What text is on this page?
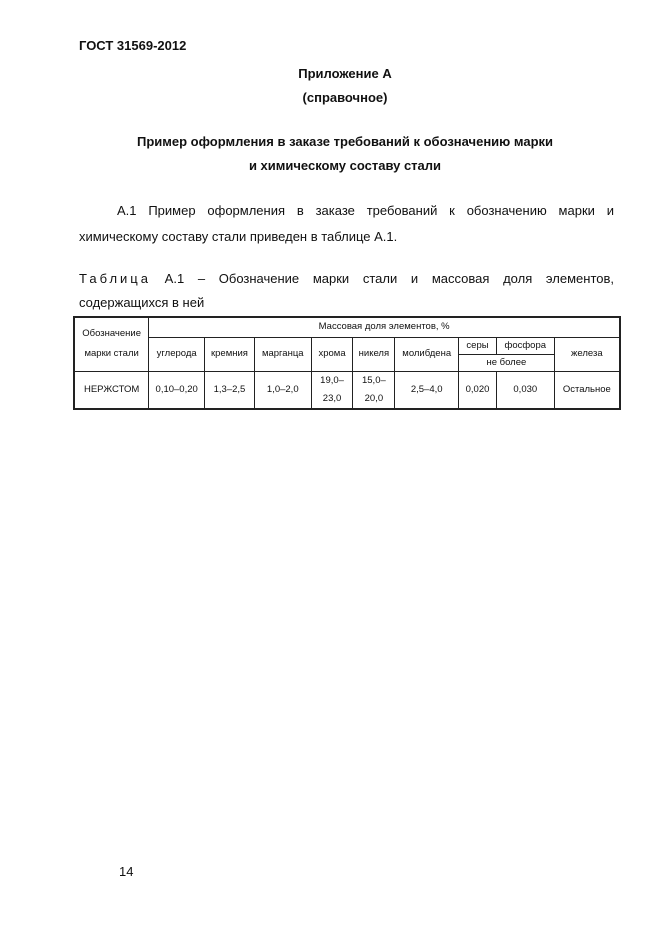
ГОСТ 31569-2012
Приложение А
(справочное)
Пример оформления в заказе требований к обозначению марки
и химическому составу стали
А.1 Пример оформления в заказе требований к обозначению марки и
химическому составу стали приведен в таблице А.1.
Таблица А.1 – Обозначение марки стали и массовая доля элементов,
содержащихся в ней
Обозначение марки стали	Массовая доля элементов, %								
	углерода	кремния	марганца	хрома	никеля	молибдена	серы	фосфора	железа
							не более		
НЕРЖСТОМ	0,10–0,20	1,3–2,5	1,0–2,0	19,0–23,0	15,0–20,0	2,5–4,0	0,020	0,030	Остальное
14
